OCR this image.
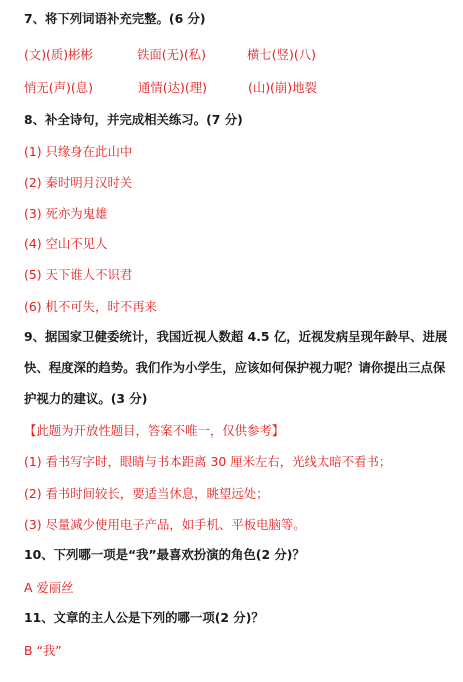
7、将下列词语补充完整。(6 分)
(文)(质)彬彬	铁面(无)(私)	横七(竖)(八)
悄无(声)(息)	通情(达)(理)	(山)(崩)地裂
8、补全诗句，并完成相关练习。(7 分)
(1) 只缘身在此山中
(2) 秦时明月汉时关
(3) 死亦为鬼雄
(4) 空山不见人
(5) 天下谁人不识君
(6) 机不可失，时不再来
9、据国家卫健委统计，我国近视人数超 4.5 亿，近视发病呈现年龄早、进展
快、程度深的趋势。我们作为小学生，应该如何保护视力呢？请你提出三点保
护视力的建议。(3 分)
【此题为开放性题目，答案不唯一，仅供参考】
(1) 看书写字时，眼睛与书本距离 30 厘米左右，光线太暗不看书；
(2) 看书时间较长，要适当休息，眺望远处；
(3) 尽量减少使用电子产品，如手机、平板电脑等。
10、下列哪一项是“我”最喜欢扮演的角色(2 分)？
A 爱丽丝
11、文章的主人公是下列的哪一项(2 分)？
B “我”
